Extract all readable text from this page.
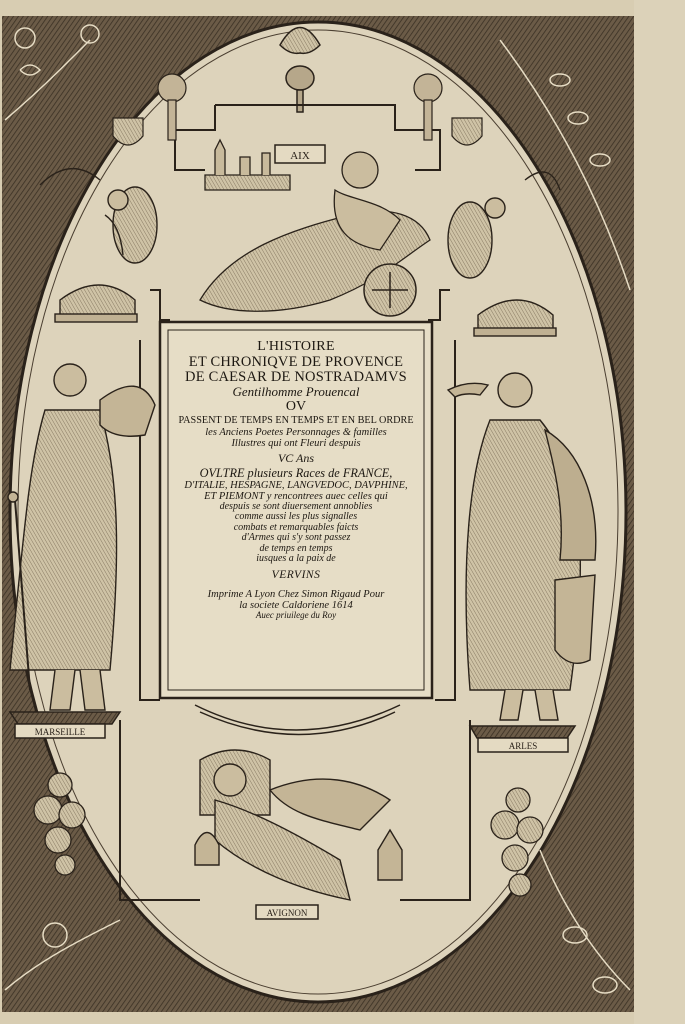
AIX
MARSEILLE
ARLES
AVIGNON
L'HISTOIRE
ET CHRONIQVE DE PROVENCE
DE CAESAR DE NOSTRADAMVS
Gentilhomme Prouencal
OV
PASSENT DE TEMPS EN TEMPS ET EN BEL ORDRE
les Anciens Poetes Personnages & familles
Illustres qui ont Fleuri despuis
VC Ans
OVLTRE plusieurs Races de FRANCE,
D'ITALIE, HESPAGNE, LANGVEDOC, DAVPHINE,
ET PIEMONT y rencontrees auec celles qui
despuis se sont diuersement annoblies
comme aussi les plus signalles
combats et remarquables faicts
d'Armes qui s'y sont passez
de temps en temps
iusques a la paix de
VERVINS
Imprime A Lyon Chez Simon Rigaud Pour
la societe Caldoriene 1614
Auec priuilege du Roy
